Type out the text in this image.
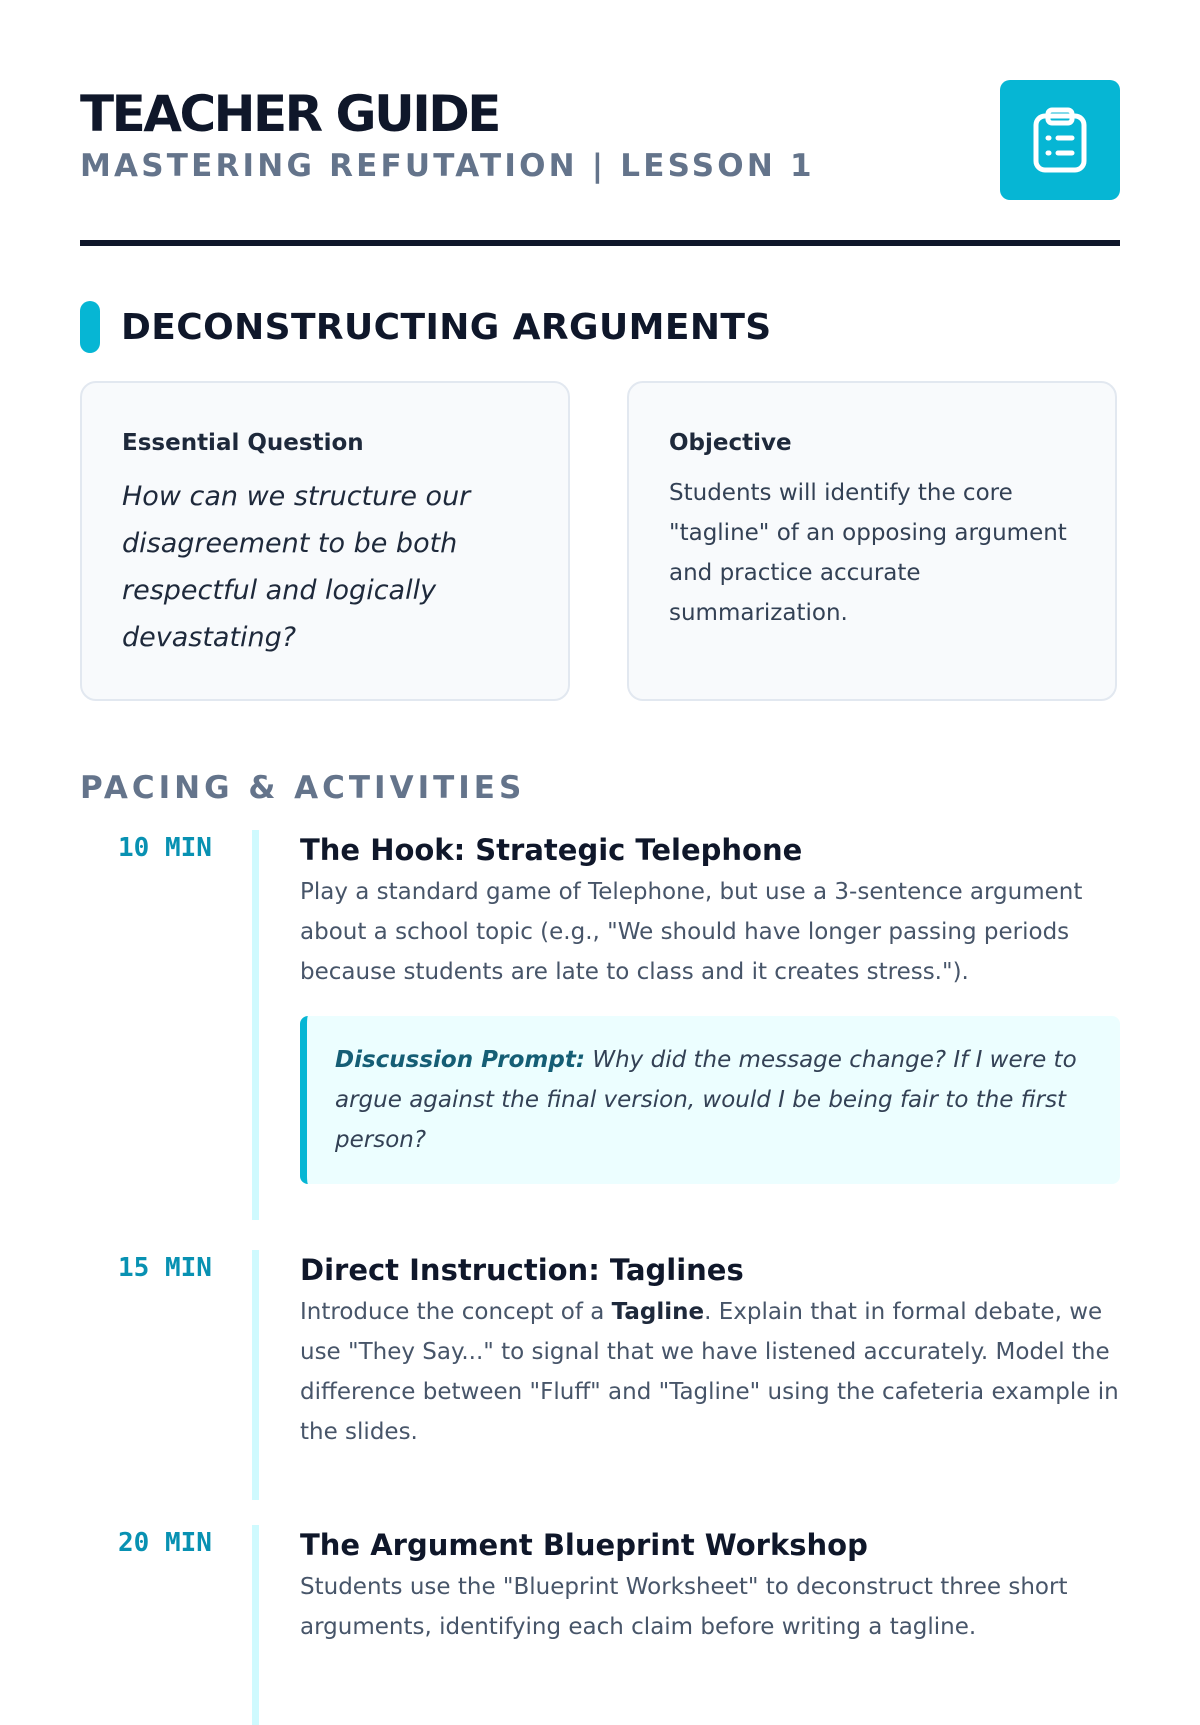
TEACHER GUIDE
MASTERING REFUTATION | LESSON 1
DECONSTRUCTING ARGUMENTS
Essential Question

How can we structure our disagreement to be both respectful and logically devastating?

Objective

Students will identify the core "tagline" of an opposing argument and practice accurate summarization.

PACING & ACTIVITIES
10 MIN	The Hook: Strategic Telephone

Play a standard game of Telephone, but use a 3-sentence argument about a school topic (e.g., "We should have longer passing periods because students are late to class and it creates stress.").

Discussion Prompt: Why did the message change? If I were to argue against the final version, would I be being fair to the first person?

15 MIN	Direct Instruction: Taglines

Introduce the concept of a Tagline. Explain that in formal debate, we use "They Say..." to signal that we have listened accurately. Model the difference between "Fluff" and "Tagline" using the cafeteria example in the slides.

20 MIN	The Argument Blueprint Workshop

Students use the "Blueprint Worksheet" to deconstruct three short arguments, identifying each claim before writing a tagline.
